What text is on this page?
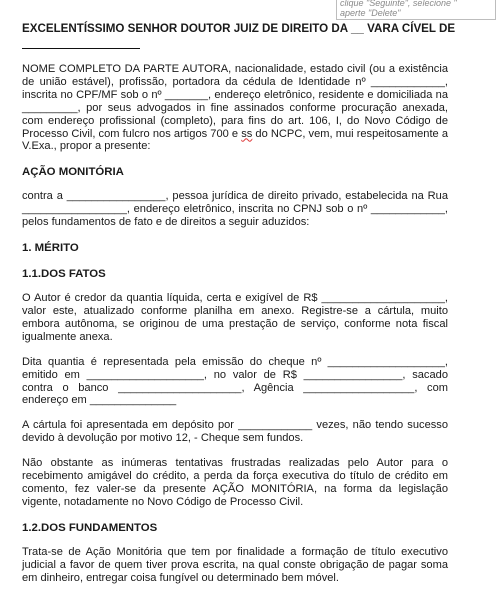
clique "Seguinte", selecione "
aperte "Delete"

EXCELENTÍSSIMO SENHOR DOUTOR JUIZ DE DIREITO DA __ VARA CÍVEL DE

NOME COMPLETO DA PARTE AUTORA, nacionalidade, estado civil (ou a existência de união estável), profissão, portadora da cédula de Identidade nº ____________, inscrita no CPF/MF sob o nº _______, endereço eletrônico, residente e domiciliada na _________, por seus advogados in fine assinados conforme procuração anexada, com endereço profissional (completo), para fins do art. 106, I, do Novo Código de Processo Civil, com fulcro nos artigos 700 e ss do NCPC, vem, mui respeitosamente a V.Exa., propor a presente:

AÇÃO MONITÓRIA

contra a ________________, pessoa jurídica de direito privado, estabelecida na Rua _________________, endereço eletrônico, inscrita no CPNJ sob o nº ____________, pelos fundamentos de fato e de direitos a seguir aduzidos:

1. MÉRITO

1.1.DOS FATOS

O Autor é credor da quantia líquida, certa e exigível de R$ ____________________, valor este, atualizado conforme planilha em anexo. Registre-se a cártula, muito embora autônoma, se originou de uma prestação de serviço, conforme nota fiscal igualmente anexa.

Dita quantia é representada pela emissão do cheque nº ___________________, emitido em ___________________, no valor de R$ ________________, sacado contra o banco ____________________, Agência __________________, com endereço em ______________

A cártula foi apresentada em depósito por ____________ vezes, não tendo sucesso devido à devolução por motivo 12, - Cheque sem fundos.

Não obstante as inúmeras tentativas frustradas realizadas pelo Autor para o recebimento amigável do crédito, a perda da força executiva do título de crédito em comento, fez valer-se da presente AÇÃO MONITÓRIA, na forma da legislação vigente, notadamente no Novo Código de Processo Civil.

1.2.DOS FUNDAMENTOS

Trata-se de Ação Monitória que tem por finalidade a formação de título executivo judicial a favor de quem tiver prova escrita, na qual conste obrigação de pagar soma em dinheiro, entregar coisa fungível ou determinado bem móvel.
